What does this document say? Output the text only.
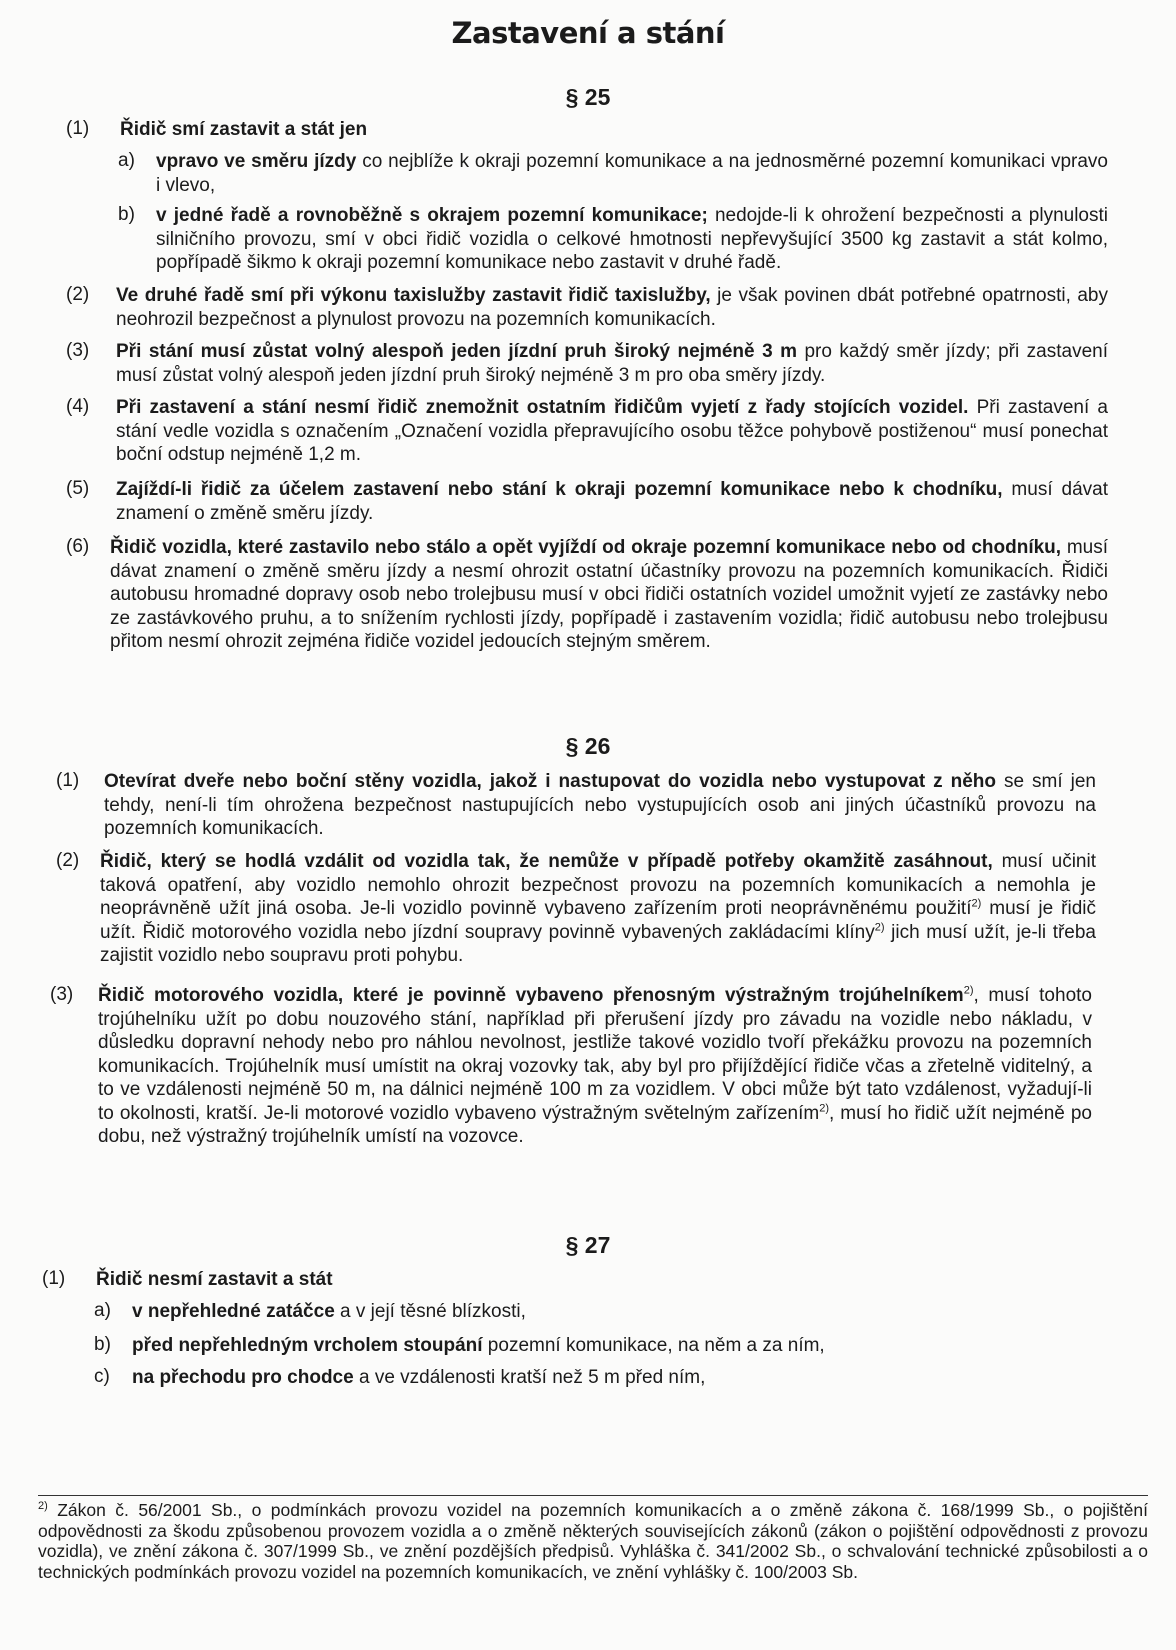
Zastavení a stání
§ 25
(1) Řidič smí zastavit a stát jen
a) vpravo ve směru jízdy co nejblíže k okraji pozemní komunikace a na jednosměrné pozemní komunikaci vpravo i vlevo,
b) v jedné řadě a rovnoběžně s okrajem pozemní komunikace; nedojde-li k ohrožení bezpečnosti a plynulosti silničního provozu, smí v obci řidič vozidla o celkové hmotnosti nepřevyšující 3500 kg zastavit a stát kolmo, popřípadě šikmo k okraji pozemní komunikace nebo zastavit v druhé řadě.
(2) Ve druhé řadě smí při výkonu taxislužby zastavit řidič taxislužby, je však povinen dbát potřebné opatrnosti, aby neohrozil bezpečnost a plynulost provozu na pozemních komunikacích.
(3) Při stání musí zůstat volný alespoň jeden jízdní pruh široký nejméně 3 m pro každý směr jízdy; při zastavení musí zůstat volný alespoň jeden jízdní pruh široký nejméně 3 m pro oba směry jízdy.
(4) Při zastavení a stání nesmí řidič znemožnit ostatním řidičům vyjetí z řady stojících vozidel. Při zastavení a stání vedle vozidla s označením „Označení vozidla přepravujícího osobu těžce pohybově postiženou“ musí ponechat boční odstup nejméně 1,2 m.
(5) Zajíždí-li řidič za účelem zastavení nebo stání k okraji pozemní komunikace nebo k chodníku, musí dávat znamení o změně směru jízdy.
(6) Řidič vozidla, které zastavilo nebo stálo a opět vyjíždí od okraje pozemní komunikace nebo od chodníku, musí dávat znamení o změně směru jízdy a nesmí ohrozit ostatní účastníky provozu na pozemních komunikacích. Řidiči autobusu hromadné dopravy osob nebo trolejbusu musí v obci řidiči ostatních vozidel umožnit vyjetí ze zastávky nebo ze zastávkového pruhu, a to snížením rychlosti jízdy, popřípadě i zastavením vozidla; řidič autobusu nebo trolejbusu přitom nesmí ohrozit zejména řidiče vozidel jedoucích stejným směrem.
§ 26
(1) Otevírat dveře nebo boční stěny vozidla, jakož i nastupovat do vozidla nebo vystupovat z něho se smí jen tehdy, není-li tím ohrožena bezpečnost nastupujících nebo vystupujících osob ani jiných účastníků provozu na pozemních komunikacích.
(2) Řidič, který se hodlá vzdálit od vozidla tak, že nemůže v případě potřeby okamžitě zasáhnout, musí učinit taková opatření, aby vozidlo nemohlo ohrozit bezpečnost provozu na pozemních komunikacích a nemohla je neoprávněně užít jiná osoba. Je-li vozidlo povinně vybaveno zařízením proti neoprávněnému použití$^{2)}$ musí je řidič užít. Řidič motorového vozidla nebo jízdní soupravy povinně vybavených zakládacími klíny$^{2)}$ jich musí užít, je-li třeba zajistit vozidlo nebo soupravu proti pohybu.
(3) Řidič motorového vozidla, které je povinně vybaveno přenosným výstražným trojúhelníkem$^{2)}$, musí tohoto trojúhelníku užít po dobu nouzového stání, například při přerušení jízdy pro závadu na vozidle nebo nákladu, v důsledku dopravní nehody nebo pro náhlou nevolnost, jestliže takové vozidlo tvoří překážku provozu na pozemních komunikacích. Trojúhelník musí umístit na okraj vozovky tak, aby byl pro přijíždějící řidiče včas a zřetelně viditelný, a to ve vzdálenosti nejméně 50 m, na dálnici nejméně 100 m za vozidlem. V obci může být tato vzdálenost, vyžadují-li to okolnosti, kratší. Je-li motorové vozidlo vybaveno výstražným světelným zařízením$^{2)}$, musí ho řidič užít nejméně po dobu, než výstražný trojúhelník umístí na vozovce.
§ 27
(1) Řidič nesmí zastavit a stát
a) v nepřehledné zatáčce a v její těsné blízkosti,
b) před nepřehledným vrcholem stoupání pozemní komunikace, na něm a za ním,
c) na přechodu pro chodce a ve vzdálenosti kratší než 5 m před ním,
$^{2)}$ Zákon č. 56/2001 Sb., o podmínkách provozu vozidel na pozemních komunikacích a o změně zákona č. 168/1999 Sb., o pojištění odpovědnosti za škodu způsobenou provozem vozidla a o změně některých souvisejících zákonů (zákon o pojištění odpovědnosti z provozu vozidla), ve znění zákona č. 307/1999 Sb., ve znění pozdějších předpisů. Vyhláška č. 341/2002 Sb., o schvalování technické způsobilosti a o technických podmínkách provozu vozidel na pozemních komunikacích, ve znění vyhlášky č. 100/2003 Sb.
